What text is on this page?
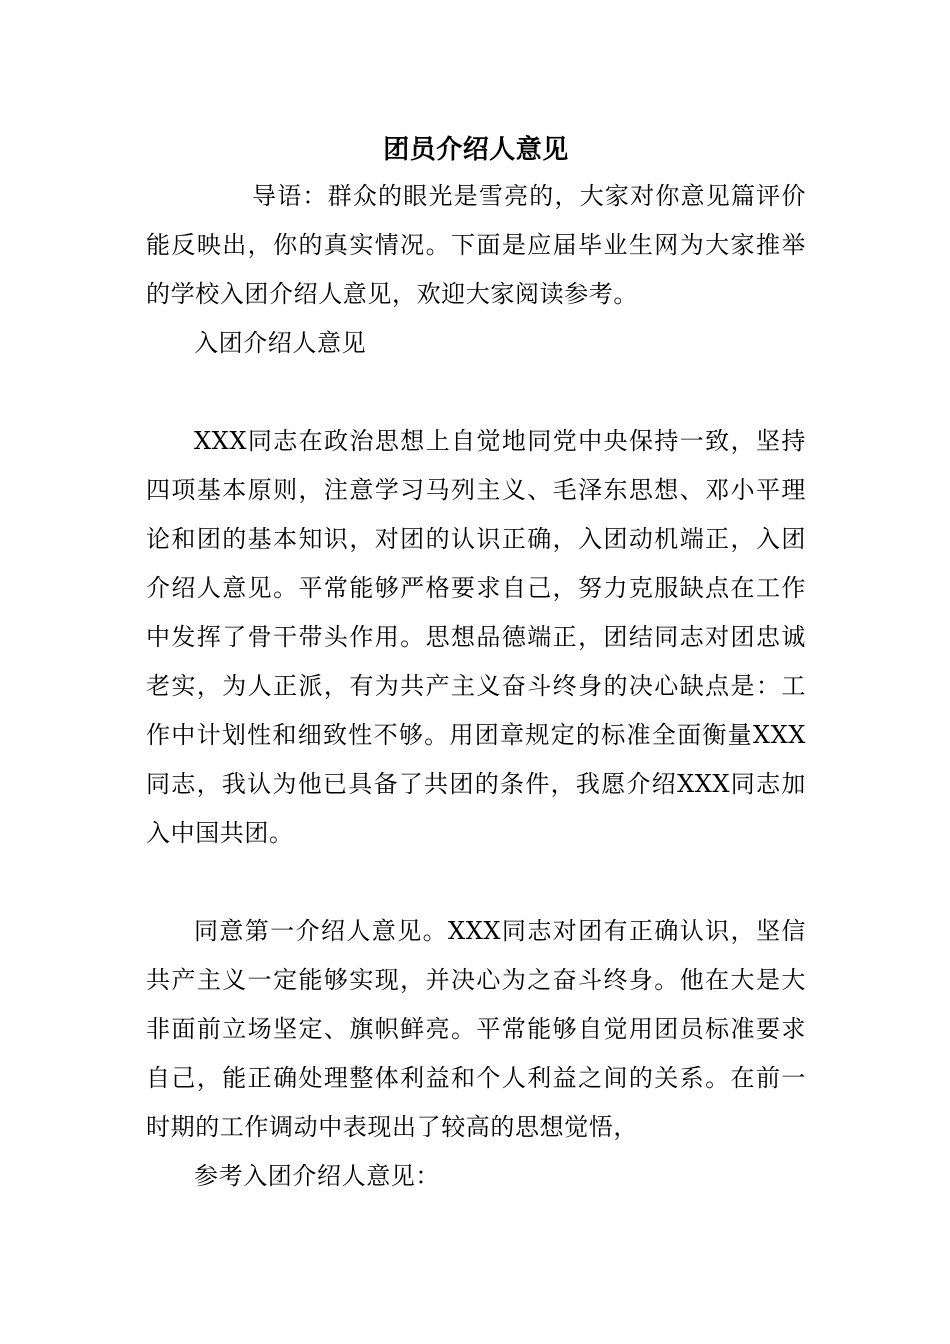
团员介绍人意见

导语：群众的眼光是雪亮的，大家对你意见篇评价能反映出，你的真实情况。下面是应届毕业生网为大家推举的学校入团介绍人意见，欢迎大家阅读参考。

入团介绍人意见

XXX同志在政治思想上自觉地同党中央保持一致，坚持四项基本原则，注意学习马列主义、毛泽东思想、邓小平理论和团的基本知识，对团的认识正确，入团动机端正，入团介绍人意见。平常能够严格要求自己，努力克服缺点在工作中发挥了骨干带头作用。思想品德端正，团结同志对团忠诚老实，为人正派，有为共产主义奋斗终身的决心缺点是：工作中计划性和细致性不够。用团章规定的标准全面衡量XXX同志，我认为他已具备了共团的条件，我愿介绍XXX同志加入中国共团。

同意第一介绍人意见。XXX同志对团有正确认识，坚信共产主义一定能够实现，并决心为之奋斗终身。他在大是大非面前立场坚定、旗帜鲜亮。平常能够自觉用团员标准要求自己，能正确处理整体利益和个人利益之间的关系。在前一时期的工作调动中表现出了较高的思想觉悟，

参考入团介绍人意见：
